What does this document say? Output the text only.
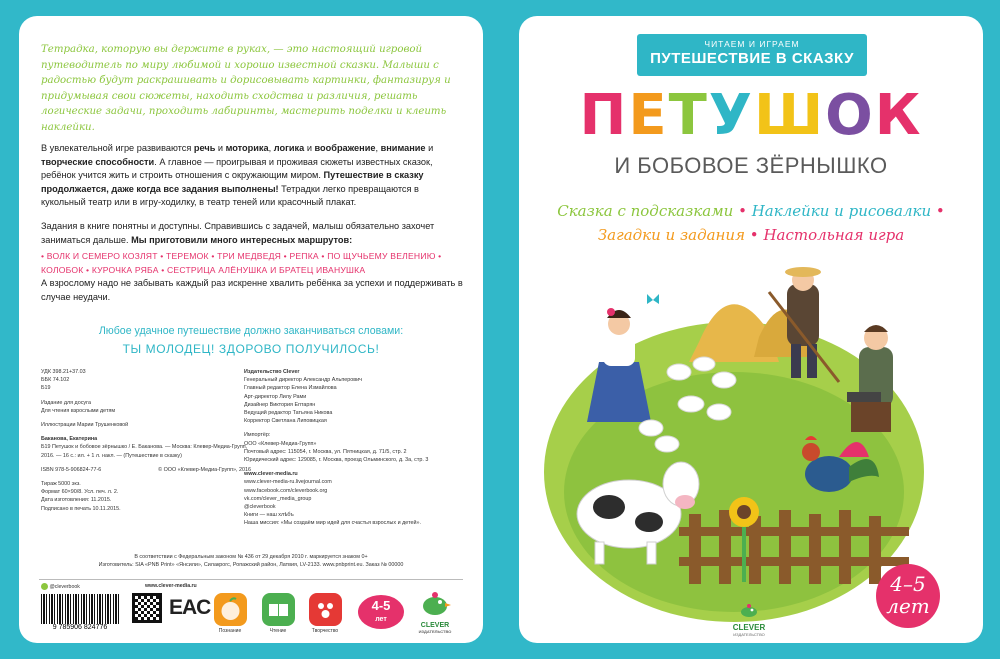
Тетрадка, которую вы держите в руках, — это настоящий игровой путеводитель по миру любимой и хорошо известной сказки. Малыши с радостью будут раскрашивать и дорисовывать картинки, фантазируя и придумывая свои сюжеты, находить сходства и различия, решать логические задачи, проходить лабиринты, мастерить поделки и клеить наклейки.

В увлекательной игре развиваются речь и моторика, логика и воображение, внимание и творческие способности. А главное — проигрывая и проживая сюжеты известных сказок, ребёнок учится жить и строить отношения с окружающим миром. Путешествие в сказку продолжается, даже когда все задания выполнены! Тетрадки легко превращаются в кукольный театр или в игру-ходилку, в театр теней или красочный плакат.

Задания в книге понятны и доступны. Справившись с задачей, малыш обязательно захочет заниматься дальше. Мы приготовили много интересных маршрутов:

• ВОЛК И СЕМЕРО КОЗЛЯТ • ТЕРЕМОК • ТРИ МЕДВЕДЯ • РЕПКА • ПО ЩУЧЬЕМУ ВЕЛЕНИЮ • КОЛОБОК • КУРОЧКА РЯБА • СЕСТРИЦА АЛЁНУШКА И БРАТЕЦ ИВАНУШКА

А взрослому надо не забывать каждый раз искренне хвалить ребёнка за успехи и поддерживать в случае неудачи.

Любое удачное путешествие должно заканчиваться словами:
ТЫ МОЛОДЕЦ! ЗДОРОВО ПОЛУЧИЛОСЬ!
УДК 398.21+37.03
ББК 74.102
Б19
Издание для досуга
Для чтения взрослыми детям
Иллюстрации Марии Трушенковой
Баканова, Екатерина
Б19 Петушок и бобовое зёрнышко / Е. Баканова. — Москва: Клевер-Медиа-Групп, 2016. — 16 с.: ил. + 1 л. накл. — (Путешествие в сказку)
ISBN 978-5-906824-77-6	© ООО «Клевер-Медиа-Групп», 2016
Тираж 5000 экз.
Формат 60×90/8. Усл. печ. л. 2.
Дата изготовления: 11.2015.
Подписано в печать 10.11.2015.
Издательство Clever
Генеральный директор Александр Альперович
Главный редактор Елена Измайлова
Арт-директор Лилу Рами
Дизайнер Виктория Ептарян
Ведущий редактор Татьяна Никова
Корректор Светлана Липовицкая
Импортёр:
ООО «Клевер-Медиа-Групп»
Почтовый адрес: 115054, г. Москва, ул. Пятницкая, д. 71/5, стр. 2
Юридический адрес: 129085, г. Москва, проезд Ольминского, д. 3а, стр. 3
www.clever-media.ru
www.clever-media-ru.livejournal.com
www.facebook.com/cleverbook.org
vk.com/clever_media_group
@cleverbook
Книги — наш хлѣбъ
Наша миссия: «Мы создаём мир идей для счастья взрослых и детей».
В соответствии с Федеральным законом № 436 от 29 декабря 2010 г. маркируется знаком 0+
Изготовитель: SIA «PNB Print» «Янсили», Силакрогс, Ропажский район, Латвия, LV-2133. www.pnbprint.eu. Заказ № 00000
@cleverbook	www.clever-media.ru
9 785906 824776
EAC
Познание	Чтение	Творчество
4-5
лет
CLEVER
ИЗДАТЕЛЬСТВО
ЧИТАЕМ И ИГРАЕМ
ПУТЕШЕСТВИЕ В СКАЗКУ
ПЕТУШОК
И БОБОВОЕ ЗЁРНЫШКО
Сказка с подсказками • Наклейки и рисовалки •
Загадки и задания • Настольная игра
4–5
лет
CLEVER
ИЗДАТЕЛЬСТВО
